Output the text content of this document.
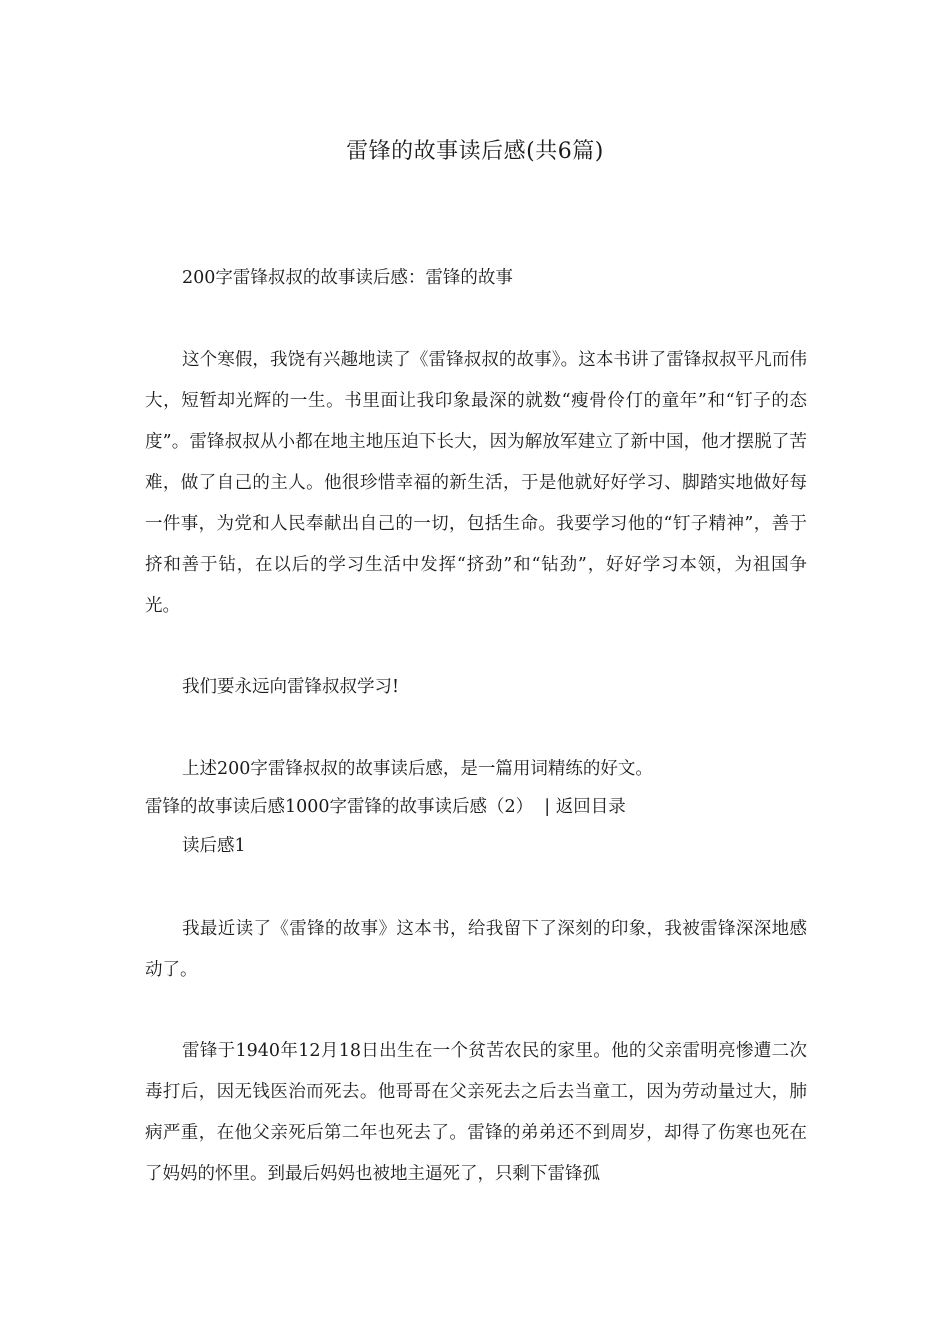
雷锋的故事读后感(共6篇)

200字雷锋叔叔的故事读后感：雷锋的故事

这个寒假，我饶有兴趣地读了《雷锋叔叔的故事》。这本书讲了雷锋叔叔平凡而伟大，短暂却光辉的一生。书里面让我印象最深的就数“瘦骨伶仃的童年”和“钉子的态度”。雷锋叔叔从小都在地主地压迫下长大，因为解放军建立了新中国，他才摆脱了苦难，做了自己的主人。他很珍惜幸福的新生活，于是他就好好学习、脚踏实地做好每一件事，为党和人民奉献出自己的一切，包括生命。我要学习他的“钉子精神”，善于挤和善于钻，在以后的学习生活中发挥“挤劲”和“钻劲”，好好学习本领，为祖国争光。

我们要永远向雷锋叔叔学习!

上述200字雷锋叔叔的故事读后感，是一篇用词精练的好文。

雷锋的故事读后感1000字雷锋的故事读后感（2）  | 返回目录

读后感1

我最近读了《雷锋的故事》这本书，给我留下了深刻的印象，我被雷锋深深地感动了。

雷锋于1940年12月18日出生在一个贫苦农民的家里。他的父亲雷明亮惨遭二次毒打后，因无钱医治而死去。他哥哥在父亲死去之后去当童工，因为劳动量过大，肺病严重，在他父亲死后第二年也死去了。雷锋的弟弟还不到周岁，却得了伤寒也死在了妈妈的怀里。到最后妈妈也被地主逼死了，只剩下雷锋孤
